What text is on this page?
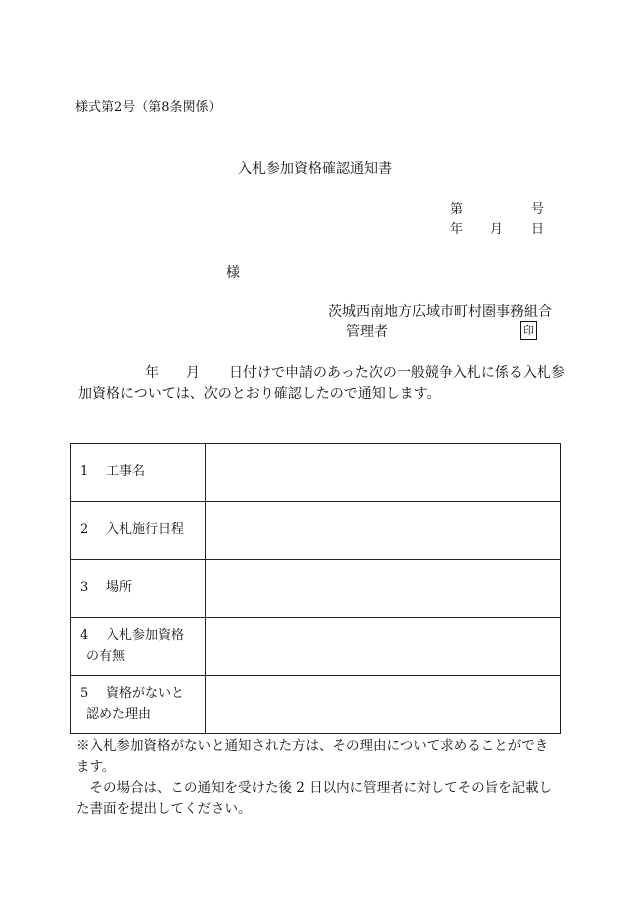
様式第2号（第8条関係）
入札参加資格確認通知書
第	号
年 月 日
様
茨城西南地方広域市町村圏事務組合
管理者	印
年 月 日付けで申請のあった次の一般競争入札に係る入札参
加資格については、次のとおり確認したので通知します。
1 工事名	
2 入札施行日程	
3 場所	

4 入札参加資格
の有無	

5 資格がないと
認めた理由	

※入札参加資格がないと通知された方は、その理由について求めることができます。

その場合は、この通知を受けた後 2 日以内に管理者に対してその旨を記載した書面を提出してください。
